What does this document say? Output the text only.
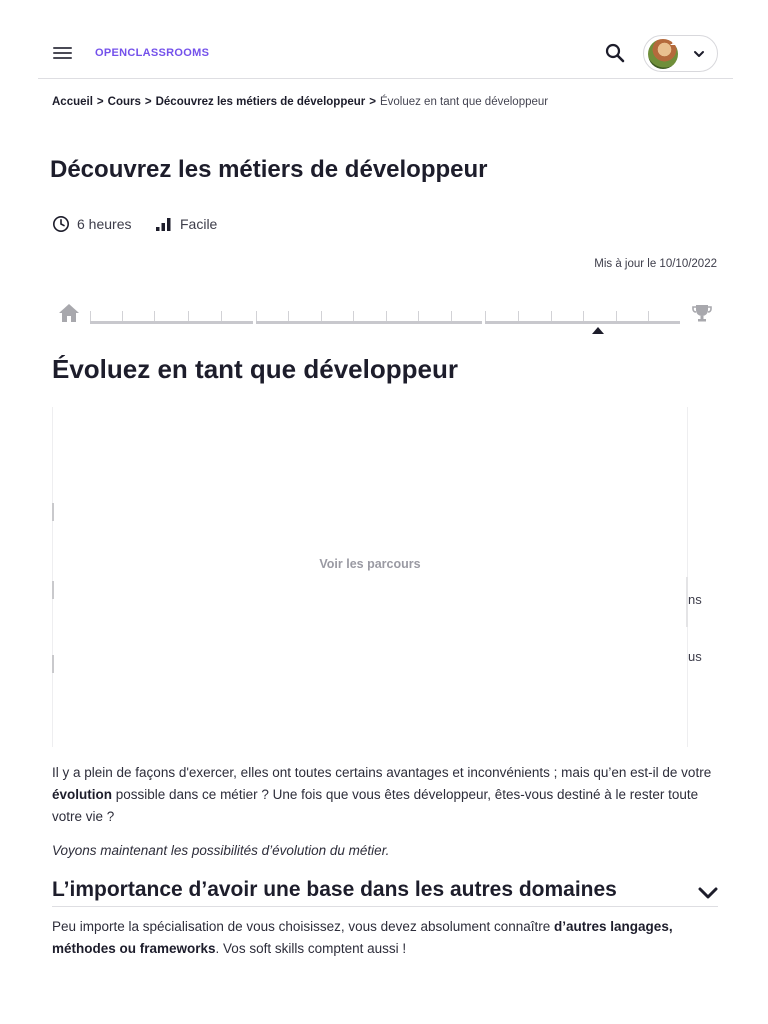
OPENCLASSROOMS
1
Accueil > Cours > Découvrez les métiers de développeur > Évoluez en tant que développeur
Découvrez les métiers de développeur
6 heures	Facile
Mis à jour le 10/10/2022
Évoluez en tant que développeur
Voir les parcours
ns
us

Il y a plein de façons d'exercer, elles ont toutes certains avantages et inconvénients ; mais qu’en est-il de votre évolution possible dans ce métier ? Une fois que vous êtes développeur, êtes-vous destiné à le rester toute votre vie ?

Voyons maintenant les possibilités d’évolution du métier.

L’importance d’avoir une base dans les autres domaines

Peu importe la spécialisation de vous choisissez, vous devez absolument connaître d’autres langages, méthodes ou frameworks. Vos soft skills comptent aussi !
